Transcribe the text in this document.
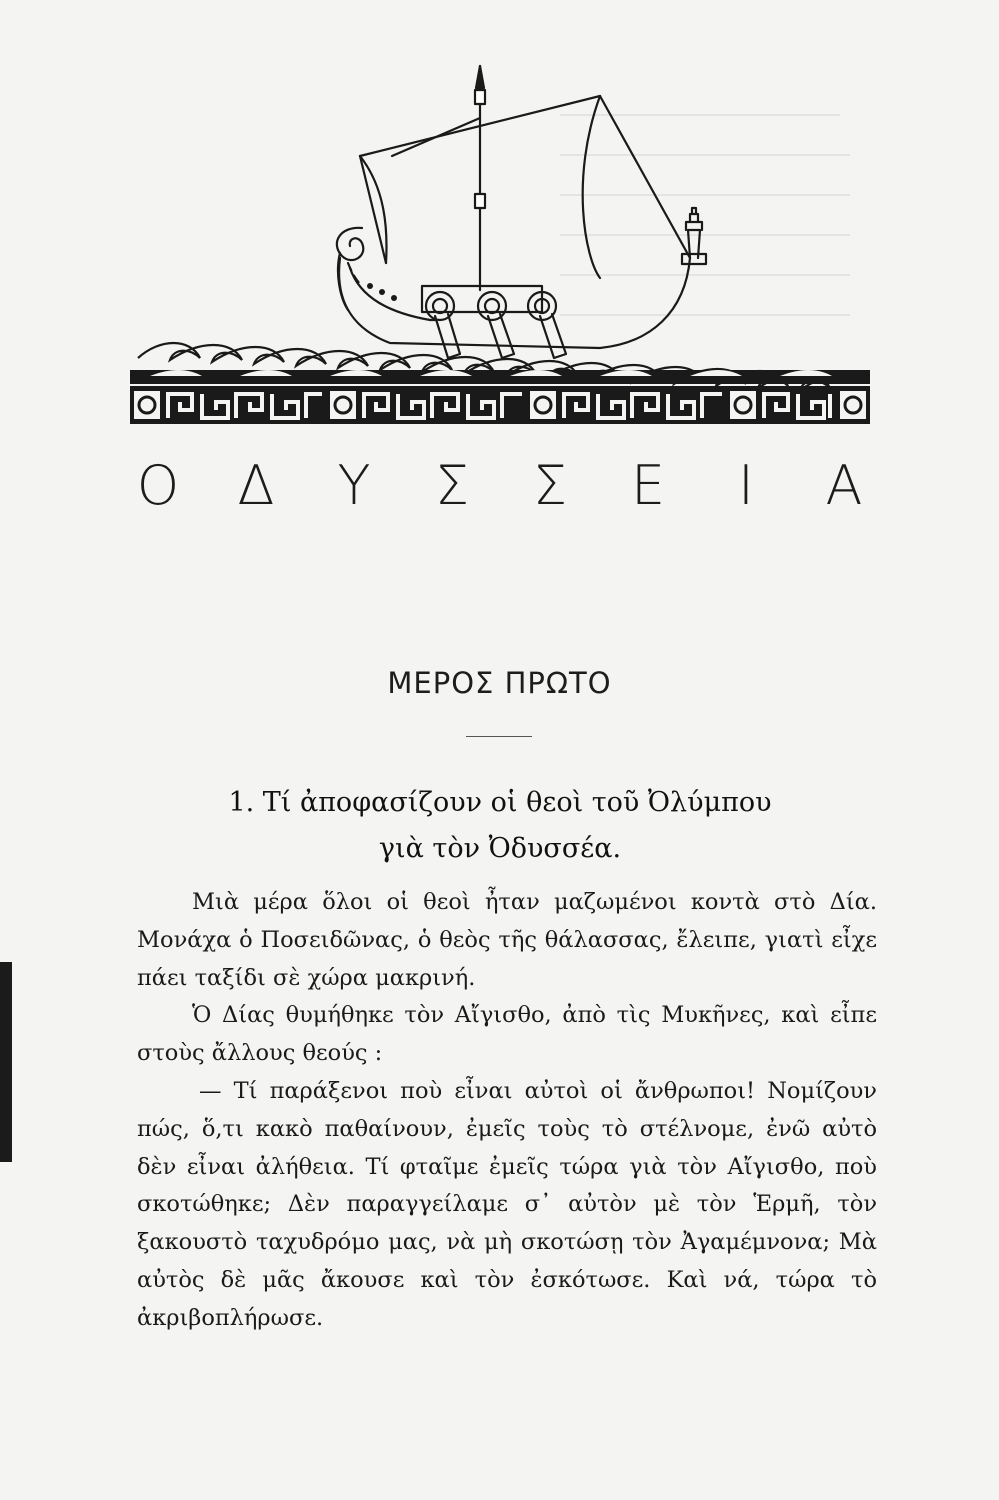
Ο Δ Υ Σ Σ Ε	Ι	Α
ΜΕΡΟΣ ΠΡΩΤΟ
1. Τί ἀποφασίζουν οἱ θεοὶ τοῦ Ὀλύμπου
γιὰ τὸν Ὀδυσσέα.

Μιὰ μέρα ὅλοι οἱ θεοὶ ἦταν μαζωμένοι κοντὰ στὸ Δία. Μονάχα ὁ Ποσειδῶνας, ὁ θεὸς τῆς θάλασσας, ἔλειπε, γιατὶ εἶχε πάει ταξίδι σὲ χώρα μακρινή.

Ὁ Δίας θυμήθηκε τὸν Αἴγισθο, ἀπὸ τὶς Μυκῆνες, καὶ εἶπε στοὺς ἄλλους θεούς :

— Τί παράξενοι ποὺ εἶναι αὐτοὶ οἱ ἄνθρωποι! Νομίζουν πώς, ὅ,τι κακὸ παθαίνουν, ἐμεῖς τοὺς τὸ στέλνομε, ἐνῶ αὐτὸ δὲν εἶναι ἀλήθεια. Τί φταῖμε ἐμεῖς τώρα γιὰ τὸν Αἴγισθο, ποὺ σκοτώθηκε; Δὲν παραγγείλαμε σ᾽ αὐτὸν μὲ τὸν Ἑρμῆ, τὸν ξακουστὸ ταχυδρόμο μας, νὰ μὴ σκοτώσῃ τὸν Ἀγαμέμνονα; Μὰ αὐτὸς δὲ μᾶς ἄκουσε καὶ τὸν ἐσκότωσε. Καὶ νά, τώρα τὸ ἀκριβοπλήρωσε.
